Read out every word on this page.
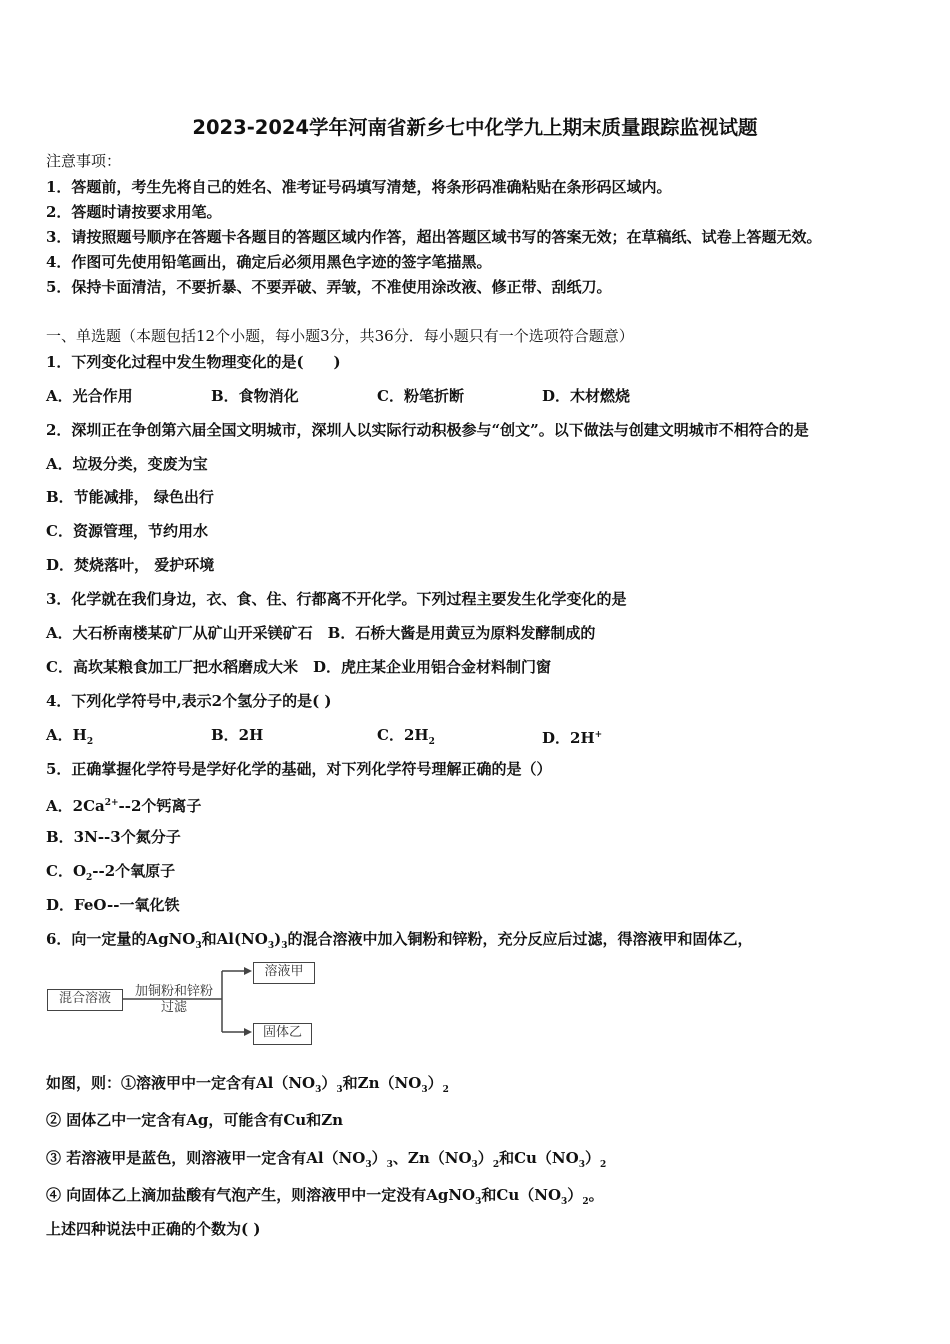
2023-2024学年河南省新乡七中化学九上期末质量跟踪监视试题
注意事项：
1．答题前，考生先将自己的姓名、准考证号码填写清楚，将条形码准确粘贴在条形码区域内。
2．答题时请按要求用笔。
3．请按照题号顺序在答题卡各题目的答题区域内作答，超出答题区域书写的答案无效；在草稿纸、试卷上答题无效。
4．作图可先使用铅笔画出，确定后必须用黑色字迹的签字笔描黑。
5．保持卡面清洁，不要折暴、不要弄破、弄皱，不准使用涂改液、修正带、刮纸刀。
一、单选题（本题包括12个小题，每小题3分，共36分．每小题只有一个选项符合题意）
1．下列变化过程中发生物理变化的是(　　)
A．光合作用	B．食物消化	C．粉笔折断	D．木材燃烧
2．深圳正在争创第六届全国文明城市，深圳人以实际行动积极参与“创文”。以下做法与创建文明城市不相符合的是
A．垃圾分类，变废为宝
B．节能减排， 绿色出行
C．资源管理，节约用水
D．焚烧落叶， 爱护环境
3．化学就在我们身边，衣、食、住、行都离不开化学。下列过程主要发生化学变化的是
A．大石桥南楼某矿厂从矿山开采镁矿石　B．石桥大酱是用黄豆为原料发酵制成的
C．高坎某粮食加工厂把水稻磨成大米　D．虎庄某企业用铝合金材料制门窗
4．下列化学符号中,表示2个氢分子的是( )
A．$H_2$	B．2H	C．$2H_2$	D．2H+
5．正确掌握化学符号是学好化学的基础，对下列化学符号理解正确的是（）
A．$2Ca^{2+}--2$个钙离子
B．3N--3个氮分子
C．$O_2--2$个氧原子
D．FeO--一氧化铁
6．向一定量的AgNO$_3$和$Al(NO_3)_3$的混合溶液中加入铜粉和锌粉，充分反应后过滤，得溶液甲和固体乙，
混合溶液	加铜粉和锌粉
过滤
溶液甲
固体乙
如图，则：①溶液甲中一定含有$Al(NO_3)_3$和$Zn(NO_3)_2$
② 固体乙中一定含有Ag，可能含有Cu和Zn
③ 若溶液甲是蓝色，则溶液甲一定含有$Al(NO_3)_3$、$Zn(NO_3)_2$和$Cu(NO_3)_2$
④ 向固体乙上滴加盐酸有气泡产生，则溶液甲中一定没有AgNO$_3$和$Cu(NO_3)_2$。
上述四种说法中正确的个数为( )
